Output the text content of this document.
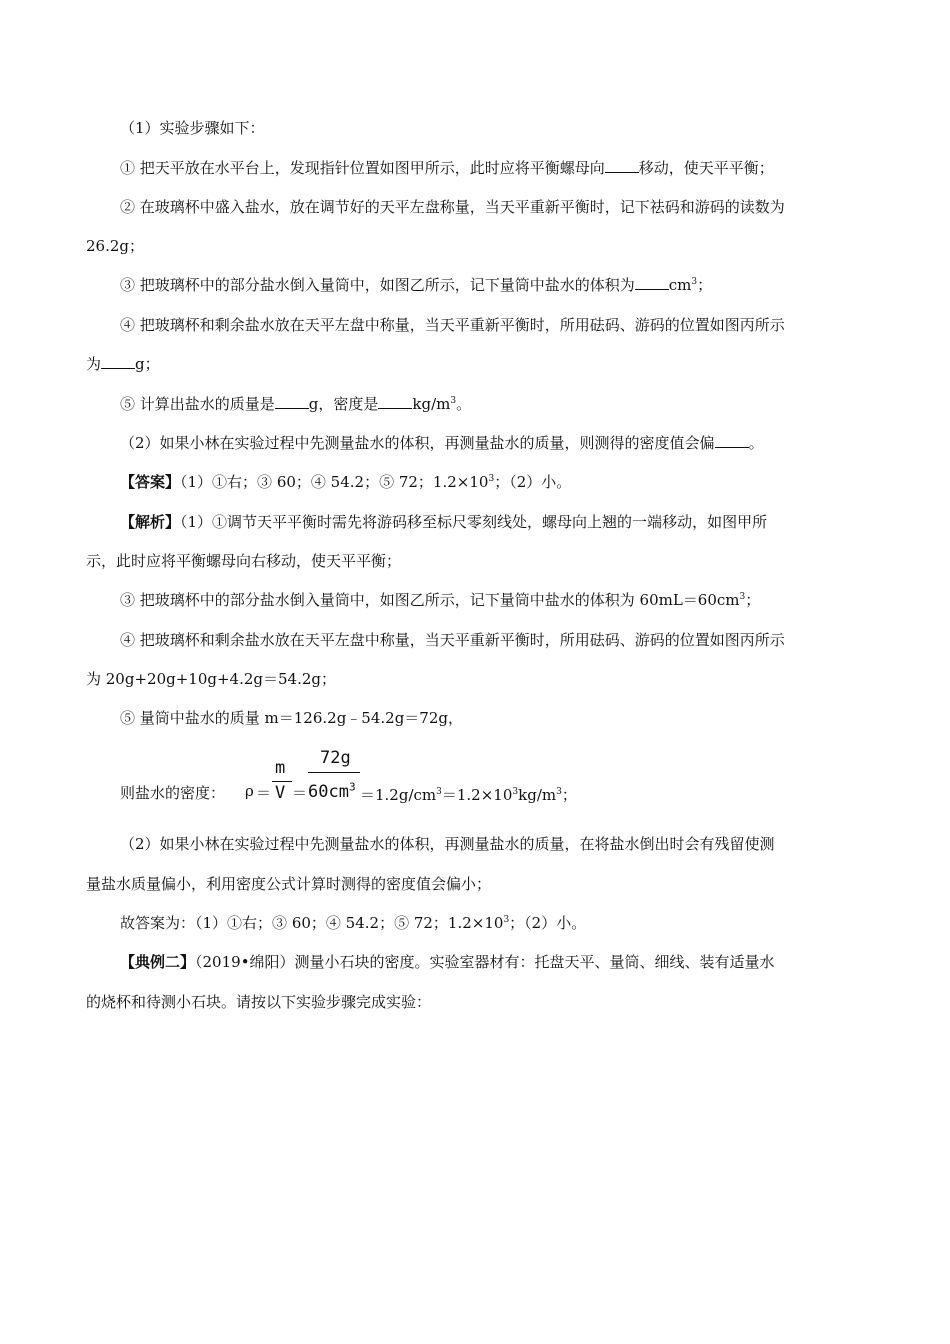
（1）实验步骤如下：
① 把天平放在水平台上，发现指针位置如图甲所示，此时应将平衡螺母向 移动，使天平平衡；
② 在玻璃杯中盛入盐水，放在调节好的天平左盘称量，当天平重新平衡时，记下祛码和游码的读数为
26.2g；
③ 把玻璃杯中的部分盐水倒入量筒中，如图乙所示，记下量筒中盐水的体积为 $cm^3$；
④ 把玻璃杯和剩余盐水放在天平左盘中称量，当天平重新平衡时，所用砝码、游码的位置如图丙所示
为 g；
⑤ 计算出盐水的质量是 g，密度是 $kg/m^3$。
（2）如果小林在实验过程中先测量盐水的体积，再测量盐水的质量，则测得的密度值会偏 。
【答案】（1）①右；③ 60；④ 54.2；⑤ 72；$1.2\times 10^3$；（2）小。
【解析】（1）①调节天平平衡时需先将游码移至标尺零刻线处，螺母向上翘的一端移动，如图甲所
示，此时应将平衡螺母向右移动，使天平平衡；
③ 把玻璃杯中的部分盐水倒入量筒中，如图乙所示，记下量筒中盐水的体积为 $60mL=60cm^3$；
④ 把玻璃杯和剩余盐水放在天平左盘中称量，当天平重新平衡时，所用砝码、游码的位置如图丙所示
为 20g+20g+10g+4.2g＝54.2g；
⑤ 量筒中盐水的质量 m＝126.2g﹣54.2g＝72g，
则盐水的密度： ρ ＝
m
V ＝
72g
$60cm^3 =1.2g/cm^3=1.2\times 10^3kg/m^3$；
（2）如果小林在实验过程中先测量盐水的体积，再测量盐水的质量，在将盐水倒出时会有残留使测
量盐水质量偏小，利用密度公式计算时测得的密度值会偏小；
故答案为：（1）①右；③ 60；④ 54.2；⑤ 72；$1.2\times 10^3$；（2）小。
【典例二】（2019•绵阳）测量小石块的密度。实验室器材有：托盘天平、量筒、细线、装有适量水
的烧杯和待测小石块。请按以下实验步骤完成实验：
